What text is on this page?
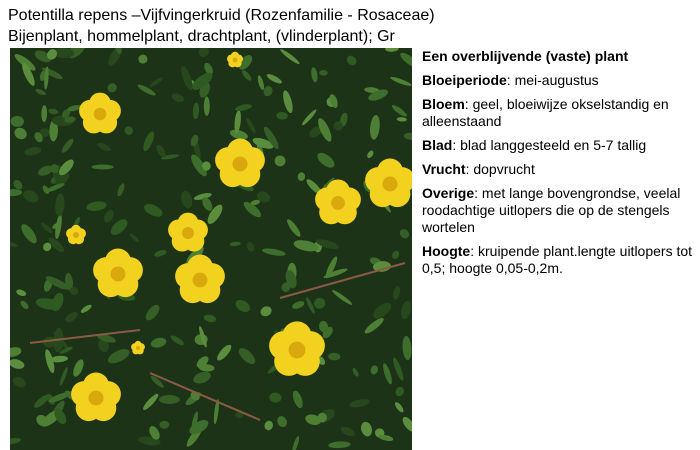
Potentilla repens –Vijfvingerkruid (Rozenfamilie - Rosaceae)
Bijenplant, hommelplant, drachtplant, (vlinderplant); Gr

Een overblijvende (vaste) plant

Bloeiperiode: mei-augustus

Bloem: geel, bloeiwijze okselstandig en alleenstaand

Blad: blad langgesteeld en 5-7 tallig

Vrucht: dopvrucht

Overige: met lange bovengrondse, veelal roodachtige uitlopers die op de stengels wortelen

Hoogte: kruipende plant.lengte uitlopers tot 0,5; hoogte 0,05-0,2m.
